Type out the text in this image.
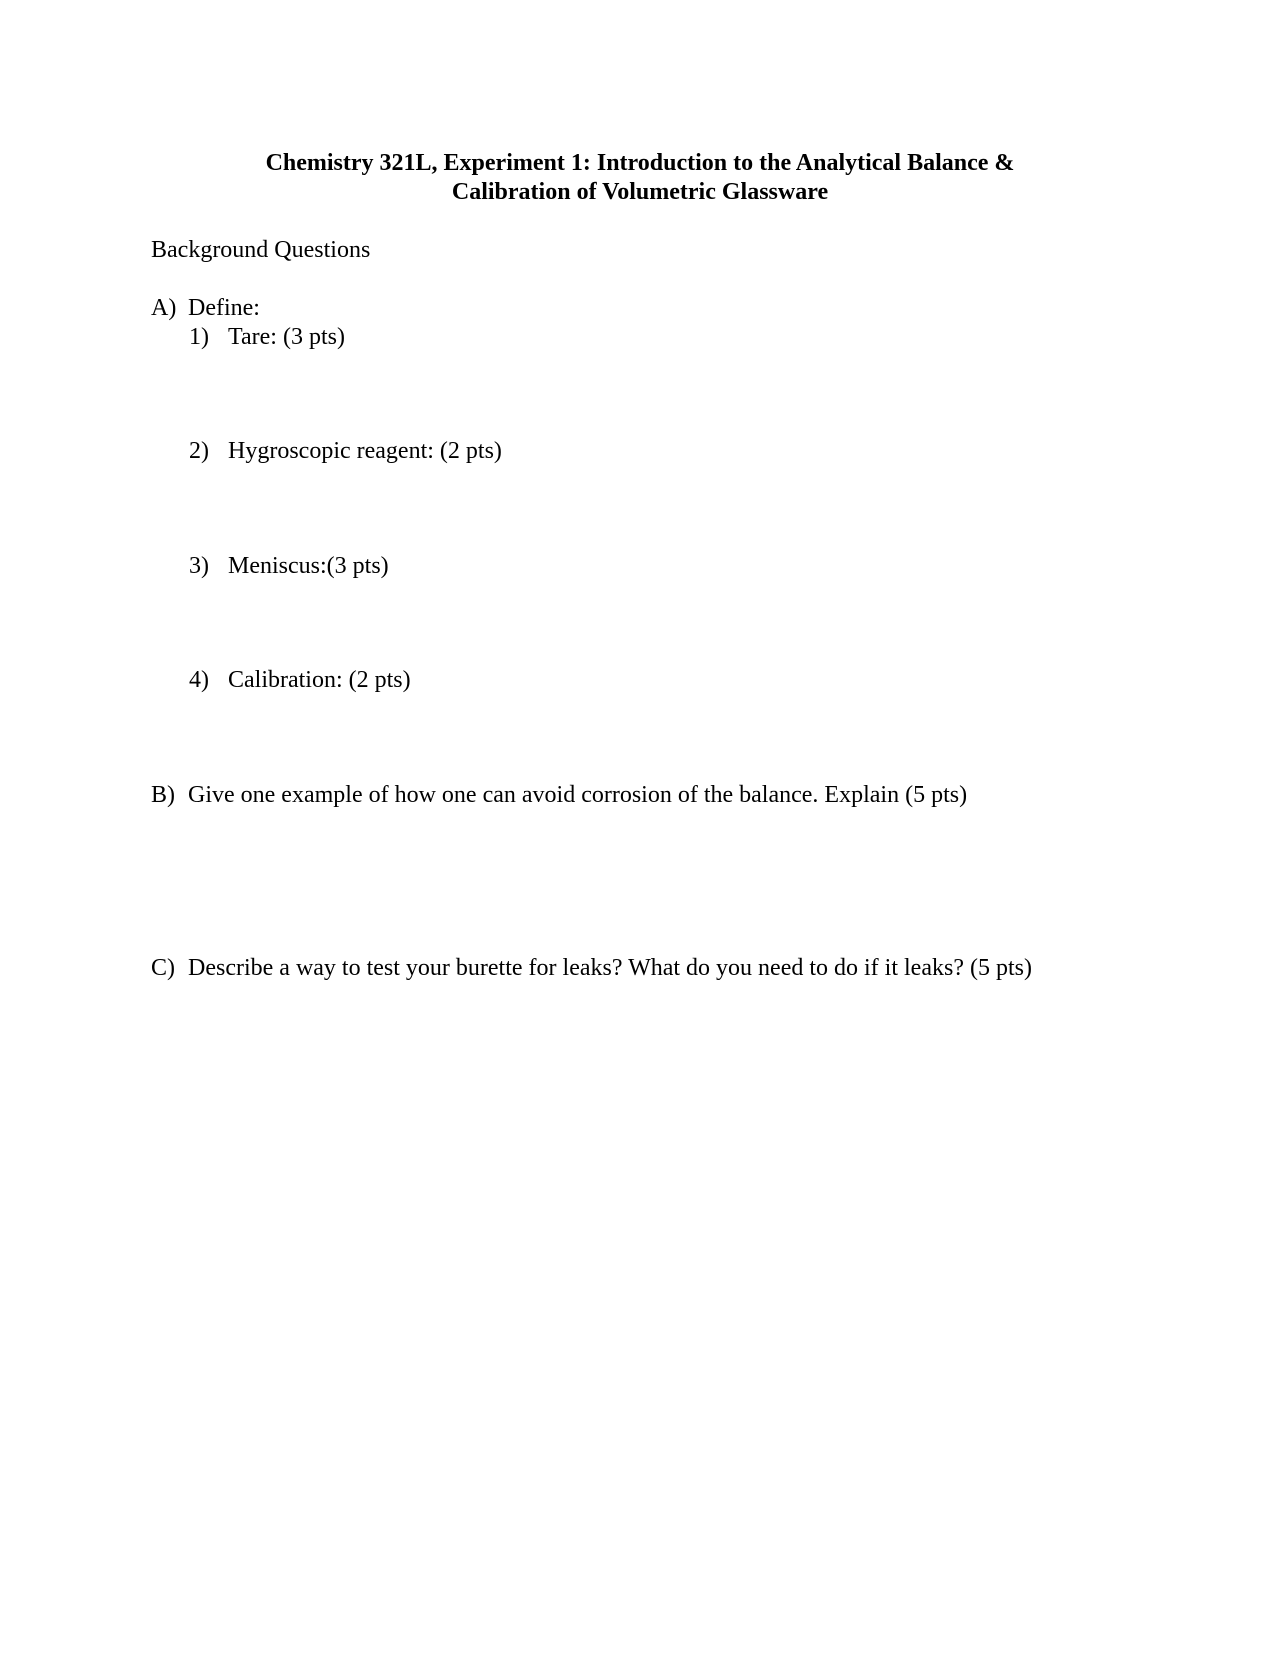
Chemistry 321L, Experiment 1: Introduction to the Analytical Balance &
Calibration of Volumetric Glassware
Background Questions
A) Define:
1) Tare: (3 pts)
2) Hygroscopic reagent: (2 pts)
3) Meniscus:(3 pts)
4) Calibration: (2 pts)
B) Give one example of how one can avoid corrosion of the balance. Explain (5 pts)
C) Describe a way to test your burette for leaks? What do you need to do if it leaks? (5 pts)
